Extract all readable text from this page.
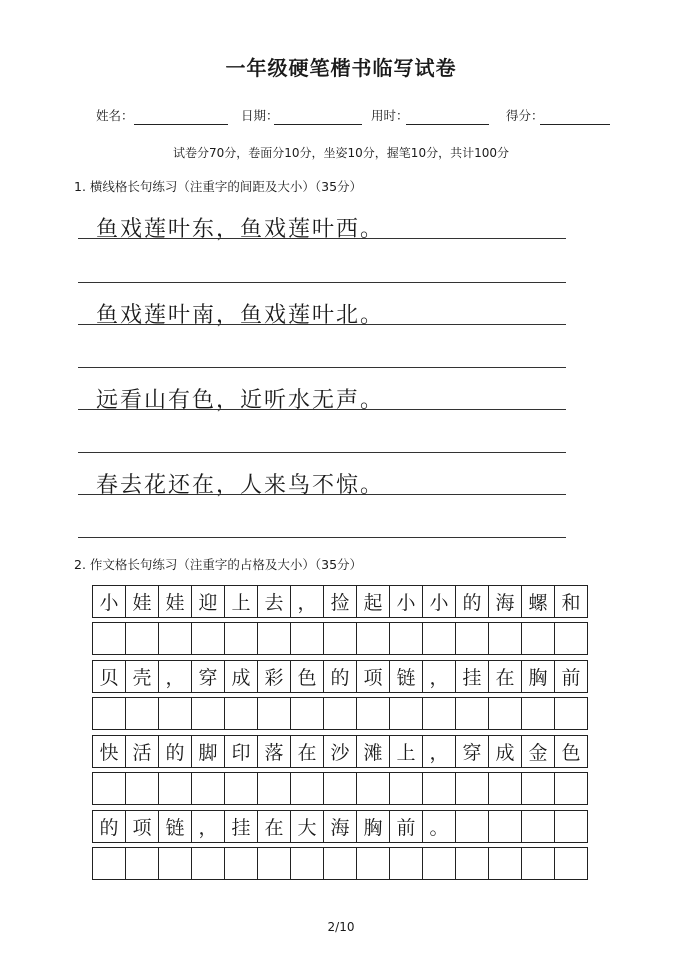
一年级硬笔楷书临写试卷
姓名：	日期：	用时：	得分：
试卷分70分，卷面分10分，坐姿10分，握笔10分，共计100分
1. 横线格长句练习（注重字的间距及大小）（35分）
鱼戏莲叶东，鱼戏莲叶西。
鱼戏莲叶南，鱼戏莲叶北。
远看山有色，近听水无声。
春去花还在，人来鸟不惊。
2. 作文格长句练习（注重字的占格及大小）（35分）
小 娃 娃 迎 上 去 ， 捡 起 小 小 的 海 螺 和
贝 壳 ， 穿 成 彩 色 的 项 链 ， 挂 在 胸 前
快 活 的 脚 印 落 在 沙 滩 上 ， 穿 成 金 色
的 项 链 ， 挂 在 大 海 胸 前 。
2/10
